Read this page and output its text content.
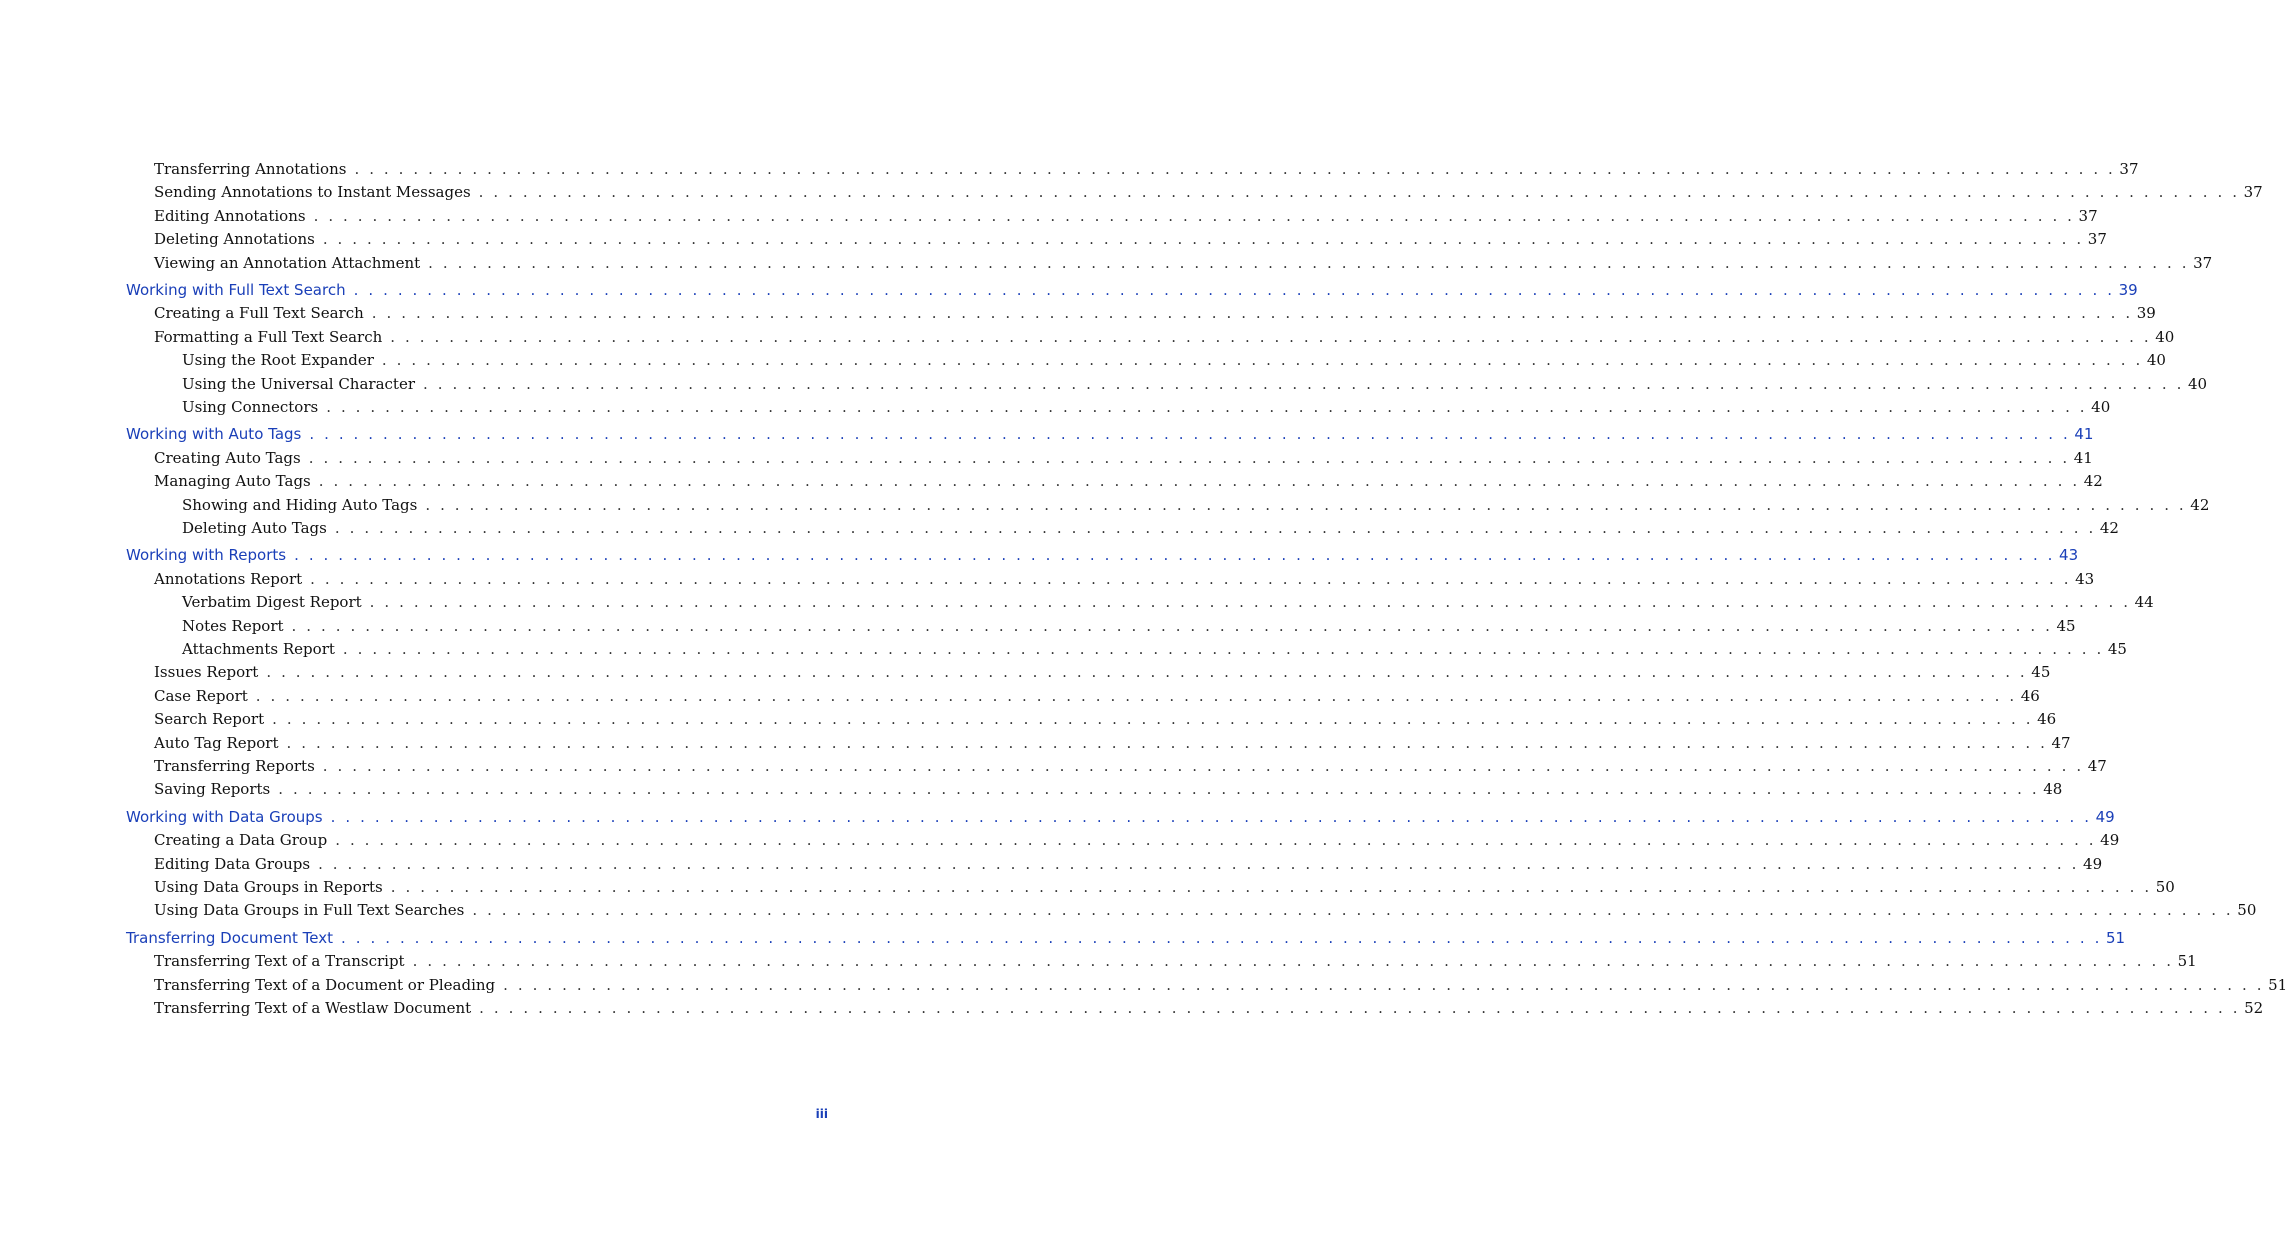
Transferring Annotations . . . . . . . . . . . . . . . . . . . . . . . . . . . . . . . . . . . . . . . . . . . . . . . . . . . . . . . . . . . . . . . . . . . . . . . . . . . . . . . . . . . . . . . . . . . . . . . . . . . . . . . . . . . . . . . . . . . . . . . . 37
Sending Annotations to Instant Messages . . . . . . . . . . . . . . . . . . . . . . . . . . . . . . . . . . . . . . . . . . . . . . . . . . . . . . . . . . . . . . . . . . . . . . . . . . . . . . . . . . . . . . . . . . . . . . . . . . . . . . . . . . . . . . . . . . . . . . . . 37
Editing Annotations . . . . . . . . . . . . . . . . . . . . . . . . . . . . . . . . . . . . . . . . . . . . . . . . . . . . . . . . . . . . . . . . . . . . . . . . . . . . . . . . . . . . . . . . . . . . . . . . . . . . . . . . . . . . . . . . . . . . . . . . 37
Deleting Annotations . . . . . . . . . . . . . . . . . . . . . . . . . . . . . . . . . . . . . . . . . . . . . . . . . . . . . . . . . . . . . . . . . . . . . . . . . . . . . . . . . . . . . . . . . . . . . . . . . . . . . . . . . . . . . . . . . . . . . . . . 37
Viewing an Annotation Attachment . . . . . . . . . . . . . . . . . . . . . . . . . . . . . . . . . . . . . . . . . . . . . . . . . . . . . . . . . . . . . . . . . . . . . . . . . . . . . . . . . . . . . . . . . . . . . . . . . . . . . . . . . . . . . . . . . . . . . . . . 37
Working with Full Text Search . . . . . . . . . . . . . . . . . . . . . . . . . . . . . . . . . . . . . . . . . . . . . . . . . . . . . . . . . . . . . . . . . . . . . . . . . . . . . . . . . . . . . . . . . . . . . . . . . . . . . . . . . . . . . . . . . . . . . . . . 39
Creating a Full Text Search . . . . . . . . . . . . . . . . . . . . . . . . . . . . . . . . . . . . . . . . . . . . . . . . . . . . . . . . . . . . . . . . . . . . . . . . . . . . . . . . . . . . . . . . . . . . . . . . . . . . . . . . . . . . . . . . . . . . . . . . 39
Formatting a Full Text Search . . . . . . . . . . . . . . . . . . . . . . . . . . . . . . . . . . . . . . . . . . . . . . . . . . . . . . . . . . . . . . . . . . . . . . . . . . . . . . . . . . . . . . . . . . . . . . . . . . . . . . . . . . . . . . . . . . . . . . . . 40
Using the Root Expander . . . . . . . . . . . . . . . . . . . . . . . . . . . . . . . . . . . . . . . . . . . . . . . . . . . . . . . . . . . . . . . . . . . . . . . . . . . . . . . . . . . . . . . . . . . . . . . . . . . . . . . . . . . . . . . . . . . . . . . . 40
Using the Universal Character . . . . . . . . . . . . . . . . . . . . . . . . . . . . . . . . . . . . . . . . . . . . . . . . . . . . . . . . . . . . . . . . . . . . . . . . . . . . . . . . . . . . . . . . . . . . . . . . . . . . . . . . . . . . . . . . . . . . . . . . 40
Using Connectors . . . . . . . . . . . . . . . . . . . . . . . . . . . . . . . . . . . . . . . . . . . . . . . . . . . . . . . . . . . . . . . . . . . . . . . . . . . . . . . . . . . . . . . . . . . . . . . . . . . . . . . . . . . . . . . . . . . . . . . . 40
Working with Auto Tags . . . . . . . . . . . . . . . . . . . . . . . . . . . . . . . . . . . . . . . . . . . . . . . . . . . . . . . . . . . . . . . . . . . . . . . . . . . . . . . . . . . . . . . . . . . . . . . . . . . . . . . . . . . . . . . . . . . . . . . . 41
Creating Auto Tags . . . . . . . . . . . . . . . . . . . . . . . . . . . . . . . . . . . . . . . . . . . . . . . . . . . . . . . . . . . . . . . . . . . . . . . . . . . . . . . . . . . . . . . . . . . . . . . . . . . . . . . . . . . . . . . . . . . . . . . . 41
Managing Auto Tags . . . . . . . . . . . . . . . . . . . . . . . . . . . . . . . . . . . . . . . . . . . . . . . . . . . . . . . . . . . . . . . . . . . . . . . . . . . . . . . . . . . . . . . . . . . . . . . . . . . . . . . . . . . . . . . . . . . . . . . . 42
Showing and Hiding Auto Tags . . . . . . . . . . . . . . . . . . . . . . . . . . . . . . . . . . . . . . . . . . . . . . . . . . . . . . . . . . . . . . . . . . . . . . . . . . . . . . . . . . . . . . . . . . . . . . . . . . . . . . . . . . . . . . . . . . . . . . . . 42
Deleting Auto Tags . . . . . . . . . . . . . . . . . . . . . . . . . . . . . . . . . . . . . . . . . . . . . . . . . . . . . . . . . . . . . . . . . . . . . . . . . . . . . . . . . . . . . . . . . . . . . . . . . . . . . . . . . . . . . . . . . . . . . . . . 42
Working with Reports . . . . . . . . . . . . . . . . . . . . . . . . . . . . . . . . . . . . . . . . . . . . . . . . . . . . . . . . . . . . . . . . . . . . . . . . . . . . . . . . . . . . . . . . . . . . . . . . . . . . . . . . . . . . . . . . . . . . . . . . 43
Annotations Report . . . . . . . . . . . . . . . . . . . . . . . . . . . . . . . . . . . . . . . . . . . . . . . . . . . . . . . . . . . . . . . . . . . . . . . . . . . . . . . . . . . . . . . . . . . . . . . . . . . . . . . . . . . . . . . . . . . . . . . . 43
Verbatim Digest Report . . . . . . . . . . . . . . . . . . . . . . . . . . . . . . . . . . . . . . . . . . . . . . . . . . . . . . . . . . . . . . . . . . . . . . . . . . . . . . . . . . . . . . . . . . . . . . . . . . . . . . . . . . . . . . . . . . . . . . . . 44
Notes Report . . . . . . . . . . . . . . . . . . . . . . . . . . . . . . . . . . . . . . . . . . . . . . . . . . . . . . . . . . . . . . . . . . . . . . . . . . . . . . . . . . . . . . . . . . . . . . . . . . . . . . . . . . . . . . . . . . . . . . . . 45
Attachments Report . . . . . . . . . . . . . . . . . . . . . . . . . . . . . . . . . . . . . . . . . . . . . . . . . . . . . . . . . . . . . . . . . . . . . . . . . . . . . . . . . . . . . . . . . . . . . . . . . . . . . . . . . . . . . . . . . . . . . . . . 45
Issues Report . . . . . . . . . . . . . . . . . . . . . . . . . . . . . . . . . . . . . . . . . . . . . . . . . . . . . . . . . . . . . . . . . . . . . . . . . . . . . . . . . . . . . . . . . . . . . . . . . . . . . . . . . . . . . . . . . . . . . . . . 45
Case Report . . . . . . . . . . . . . . . . . . . . . . . . . . . . . . . . . . . . . . . . . . . . . . . . . . . . . . . . . . . . . . . . . . . . . . . . . . . . . . . . . . . . . . . . . . . . . . . . . . . . . . . . . . . . . . . . . . . . . . . . 46
Search Report . . . . . . . . . . . . . . . . . . . . . . . . . . . . . . . . . . . . . . . . . . . . . . . . . . . . . . . . . . . . . . . . . . . . . . . . . . . . . . . . . . . . . . . . . . . . . . . . . . . . . . . . . . . . . . . . . . . . . . . . 46
Auto Tag Report . . . . . . . . . . . . . . . . . . . . . . . . . . . . . . . . . . . . . . . . . . . . . . . . . . . . . . . . . . . . . . . . . . . . . . . . . . . . . . . . . . . . . . . . . . . . . . . . . . . . . . . . . . . . . . . . . . . . . . . . 47
Transferring Reports . . . . . . . . . . . . . . . . . . . . . . . . . . . . . . . . . . . . . . . . . . . . . . . . . . . . . . . . . . . . . . . . . . . . . . . . . . . . . . . . . . . . . . . . . . . . . . . . . . . . . . . . . . . . . . . . . . . . . . . . 47
Saving Reports . . . . . . . . . . . . . . . . . . . . . . . . . . . . . . . . . . . . . . . . . . . . . . . . . . . . . . . . . . . . . . . . . . . . . . . . . . . . . . . . . . . . . . . . . . . . . . . . . . . . . . . . . . . . . . . . . . . . . . . . 48
Working with Data Groups . . . . . . . . . . . . . . . . . . . . . . . . . . . . . . . . . . . . . . . . . . . . . . . . . . . . . . . . . . . . . . . . . . . . . . . . . . . . . . . . . . . . . . . . . . . . . . . . . . . . . . . . . . . . . . . . . . . . . . . . 49
Creating a Data Group . . . . . . . . . . . . . . . . . . . . . . . . . . . . . . . . . . . . . . . . . . . . . . . . . . . . . . . . . . . . . . . . . . . . . . . . . . . . . . . . . . . . . . . . . . . . . . . . . . . . . . . . . . . . . . . . . . . . . . . . 49
Editing Data Groups . . . . . . . . . . . . . . . . . . . . . . . . . . . . . . . . . . . . . . . . . . . . . . . . . . . . . . . . . . . . . . . . . . . . . . . . . . . . . . . . . . . . . . . . . . . . . . . . . . . . . . . . . . . . . . . . . . . . . . . . 49
Using Data Groups in Reports . . . . . . . . . . . . . . . . . . . . . . . . . . . . . . . . . . . . . . . . . . . . . . . . . . . . . . . . . . . . . . . . . . . . . . . . . . . . . . . . . . . . . . . . . . . . . . . . . . . . . . . . . . . . . . . . . . . . . . . . 50
Using Data Groups in Full Text Searches . . . . . . . . . . . . . . . . . . . . . . . . . . . . . . . . . . . . . . . . . . . . . . . . . . . . . . . . . . . . . . . . . . . . . . . . . . . . . . . . . . . . . . . . . . . . . . . . . . . . . . . . . . . . . . . . . . . . . . . . 50
Transferring Document Text . . . . . . . . . . . . . . . . . . . . . . . . . . . . . . . . . . . . . . . . . . . . . . . . . . . . . . . . . . . . . . . . . . . . . . . . . . . . . . . . . . . . . . . . . . . . . . . . . . . . . . . . . . . . . . . . . . . . . . . . 51
Transferring Text of a Transcript . . . . . . . . . . . . . . . . . . . . . . . . . . . . . . . . . . . . . . . . . . . . . . . . . . . . . . . . . . . . . . . . . . . . . . . . . . . . . . . . . . . . . . . . . . . . . . . . . . . . . . . . . . . . . . . . . . . . . . . . 51
Transferring Text of a Document or Pleading . . . . . . . . . . . . . . . . . . . . . . . . . . . . . . . . . . . . . . . . . . . . . . . . . . . . . . . . . . . . . . . . . . . . . . . . . . . . . . . . . . . . . . . . . . . . . . . . . . . . . . . . . . . . . . . . . . . . . . . . 51
Transferring Text of a Westlaw Document . . . . . . . . . . . . . . . . . . . . . . . . . . . . . . . . . . . . . . . . . . . . . . . . . . . . . . . . . . . . . . . . . . . . . . . . . . . . . . . . . . . . . . . . . . . . . . . . . . . . . . . . . . . . . . . . . . . . . . . . 52
iii
